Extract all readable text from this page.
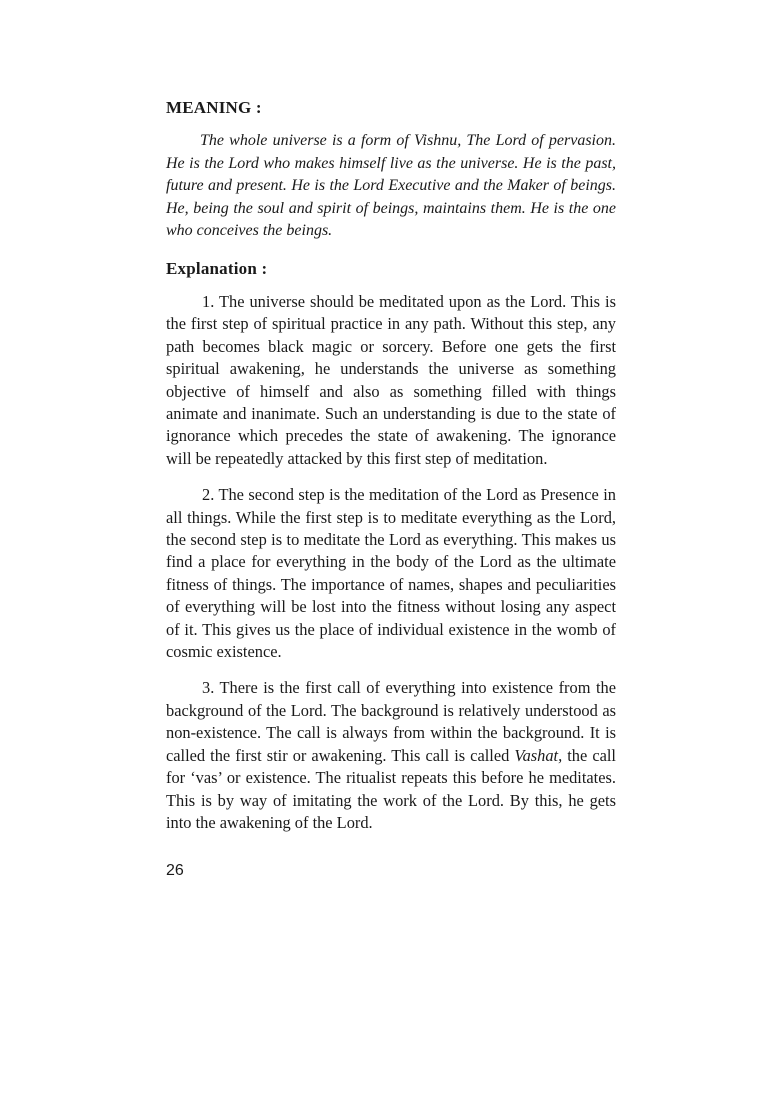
MEANING :

The whole universe is a form of Vishnu, The Lord of pervasion. He is the Lord who makes himself live as the universe. He is the past, future and present. He is the Lord Executive and the Maker of beings. He, being the soul and spirit of beings, maintains them. He is the one who conceives the beings.

Explanation :

1. The universe should be meditated upon as the Lord. This is the first step of spiritual practice in any path. Without this step, any path becomes black magic or sorcery. Before one gets the first spiritual awakening, he understands the universe as something objective of himself and also as something filled with things animate and inanimate. Such an understanding is due to the state of ignorance which precedes the state of awakening. The ignorance will be repeatedly attacked by this first step of meditation.

2. The second step is the meditation of the Lord as Presence in all things. While the first step is to meditate everything as the Lord, the second step is to meditate the Lord as everything. This makes us find a place for everything in the body of the Lord as the ultimate fitness of things. The importance of names, shapes and peculiarities of everything will be lost into the fitness without losing any aspect of it. This gives us the place of individual existence in the womb of cosmic existence.

3. There is the first call of everything into existence from the background of the Lord. The background is relatively understood as non-existence. The call is always from within the background. It is called the first stir or awakening. This call is called Vashat, the call for ‘vas’ or existence. The ritualist repeats this before he meditates. This is by way of imitating the work of the Lord. By this, he gets into the awakening of the Lord.

26
